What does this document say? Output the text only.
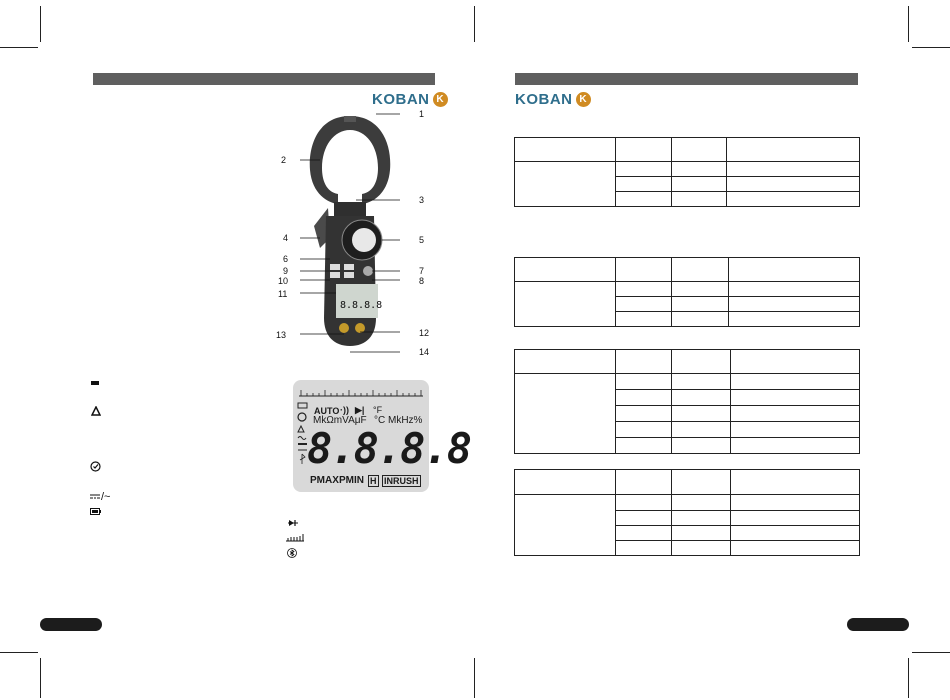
KOBAN K	KOBAN K
8.8.8.8
1
2
3
4	5
6
7
8
9
10
11
12
13
14
/~
AUTO ·)) ▶| °F
MkΩmVAμF °C MkHz%
8.8.8.8
PMAX PMIN H INRUSH
